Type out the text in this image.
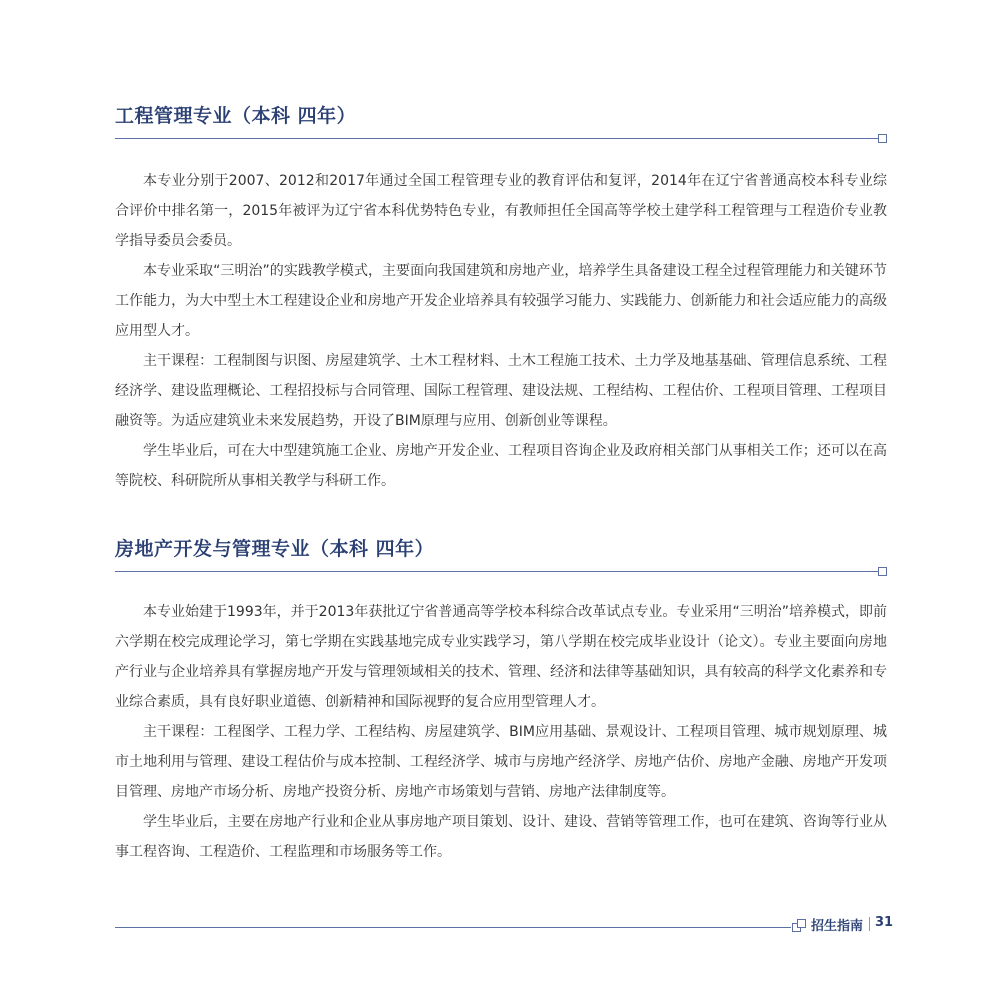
工程管理专业（本科 四年）

本专业分别于2007、2012和2017年通过全国工程管理专业的教育评估和复评，2014年在辽宁省普通高校本科专业综合评价中排名第一，2015年被评为辽宁省本科优势特色专业，有教师担任全国高等学校土建学科工程管理与工程造价专业教学指导委员会委员。

本专业采取“三明治”的实践教学模式，主要面向我国建筑和房地产业，培养学生具备建设工程全过程管理能力和关键环节工作能力，为大中型土木工程建设企业和房地产开发企业培养具有较强学习能力、实践能力、创新能力和社会适应能力的高级应用型人才。

主干课程：工程制图与识图、房屋建筑学、土木工程材料、土木工程施工技术、土力学及地基基础、管理信息系统、工程经济学、建设监理概论、工程招投标与合同管理、国际工程管理、建设法规、工程结构、工程估价、工程项目管理、工程项目融资等。为适应建筑业未来发展趋势，开设了BIM原理与应用、创新创业等课程。

学生毕业后，可在大中型建筑施工企业、房地产开发企业、工程项目咨询企业及政府相关部门从事相关工作；还可以在高等院校、科研院所从事相关教学与科研工作。

房地产开发与管理专业（本科 四年）

本专业始建于1993年，并于2013年获批辽宁省普通高等学校本科综合改革试点专业。专业采用“三明治”培养模式，即前六学期在校完成理论学习，第七学期在实践基地完成专业实践学习，第八学期在校完成毕业设计（论文）。专业主要面向房地产行业与企业培养具有掌握房地产开发与管理领域相关的技术、管理、经济和法律等基础知识，具有较高的科学文化素养和专业综合素质，具有良好职业道德、创新精神和国际视野的复合应用型管理人才。

主干课程：工程图学、工程力学、工程结构、房屋建筑学、BIM应用基础、景观设计、工程项目管理、城市规划原理、城市土地利用与管理、建设工程估价与成本控制、工程经济学、城市与房地产经济学、房地产估价、房地产金融、房地产开发项目管理、房地产市场分析、房地产投资分析、房地产市场策划与营销、房地产法律制度等。

学生毕业后，主要在房地产行业和企业从事房地产项目策划、设计、建设、营销等管理工作，也可在建筑、咨询等行业从事工程咨询、工程造价、工程监理和市场服务等工作。

招生指南 31
